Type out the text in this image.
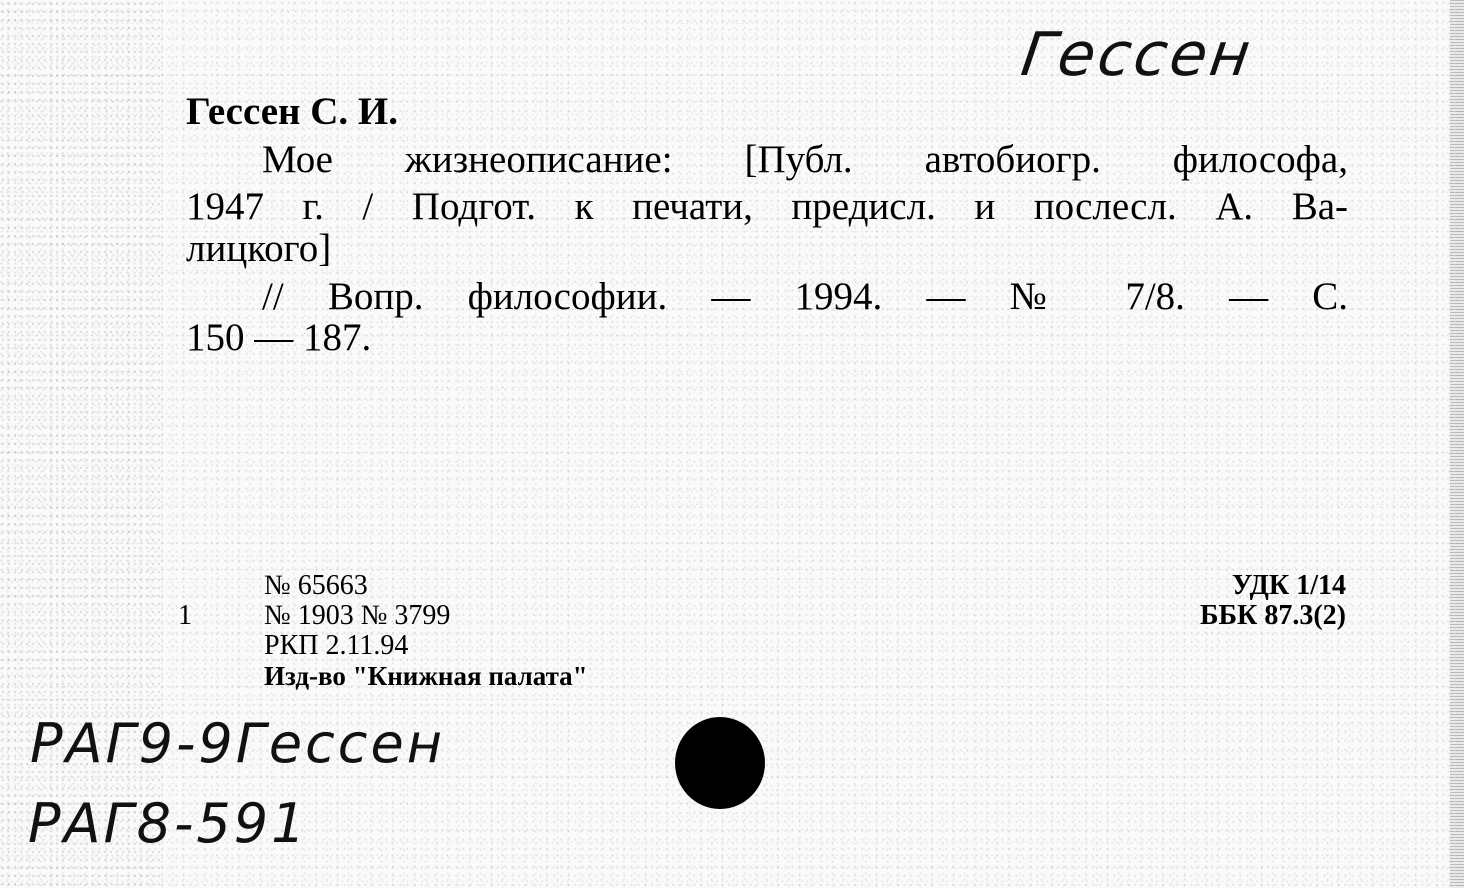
Гессен
Гессен С. И.
Мое жизнеописание: [Публ. автобиогр. философа,
1947 г. / Подгот. к печати, предисл. и послесл. А. Ва-
лицкого]
// Вопр. философии. — 1994. — № 7/8. — С.
150 — 187.
1
№ 65663
№ 1903 № 3799
РКП 2.11.94
Изд-во "Книжная палата"
УДК 1/14
ББК 87.3(2)
РАГ9-9Гессен
РАГ8-591
